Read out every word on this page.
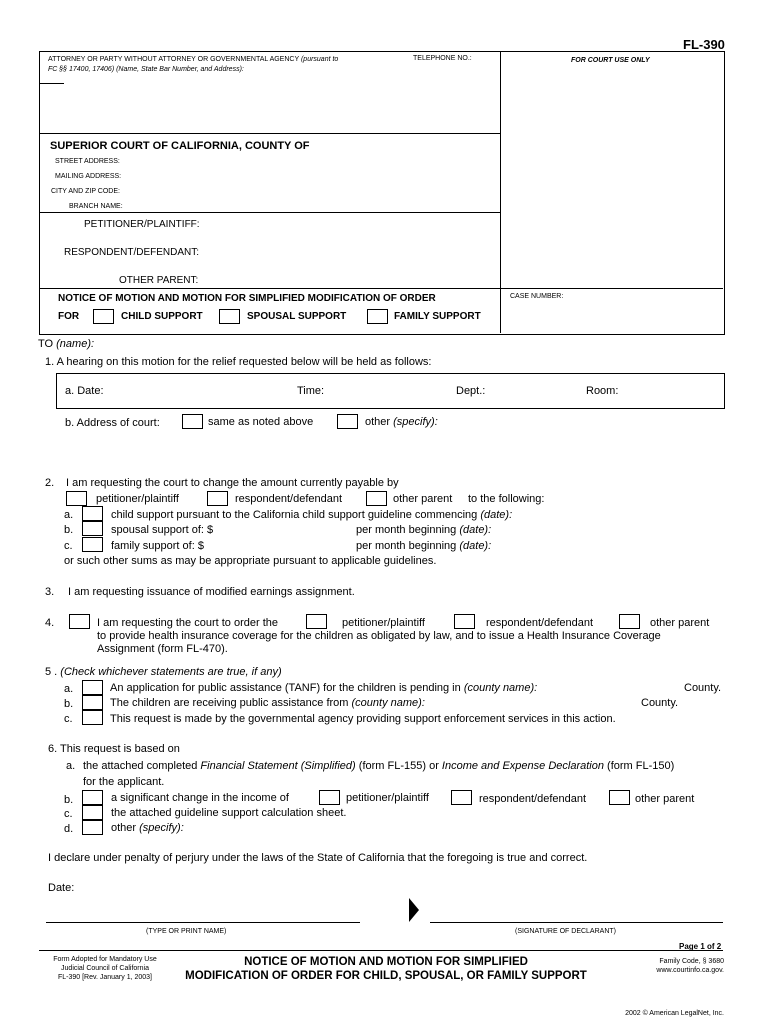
FL-390
ATTORNEY OR PARTY WITHOUT ATTORNEY OR GOVERNMENTAL AGENCY (pursuant to
FC §§ 17400, 17406) (Name, State Bar Number, and Address):
TELEPHONE NO.:	FOR COURT USE ONLY
SUPERIOR COURT OF CALIFORNIA, COUNTY OF
STREET ADDRESS:
MAILING ADDRESS:
CITY AND ZIP CODE:
BRANCH NAME:
PETITIONER/PLAINTIFF:
RESPONDENT/DEFENDANT:
OTHER PARENT:
NOTICE OF MOTION AND MOTION FOR SIMPLIFIED MODIFICATION OF ORDER
FOR	CHILD SUPPORT	SPOUSAL SUPPORT	FAMILY SUPPORT
CASE NUMBER:
TO (name):
1. A hearing on this motion for the relief requested below will be held as follows:
a. Date:	Time:	Dept.:	Room:
b. Address of court:	same as noted above	other (specify):
2. I am requesting the court to change the amount currently payable by
petitioner/plaintiff	respondent/defendant	other parent to the following:
a.	child support pursuant to the California child support guideline commencing (date):
b.	spousal support of: $	per month beginning (date):
c.	family support of: $	per month beginning (date):
or such other sums as may be appropriate pursuant to applicable guidelines.
3. I am requesting issuance of modified earnings assignment.
4.	I am requesting the court to order the	petitioner/plaintiff	respondent/defendant	other parent
to provide health insurance coverage for the children as obligated by law, and to issue a Health Insurance Coverage
Assignment (form FL-470).
5 . (Check whichever statements are true, if any)
a.	An application for public assistance (TANF) for the children is pending in (county name):	County.
b.	The children are receiving public assistance from (county name):	County.
c.	This request is made by the governmental agency providing support enforcement services in this action.
6. This request is based on
a. the attached completed Financial Statement (Simplified) (form FL-155) or Income and Expense Declaration (form FL-150)
for the applicant.
b.	a significant change in the income of	petitioner/plaintiff	respondent/defendant	other parent
c.	the attached guideline support calculation sheet.
d.	other (specify):
I declare under penalty of perjury under the laws of the State of California that the foregoing is true and correct.
Date:
(TYPE OR PRINT NAME)	(SIGNATURE OF DECLARANT)
Page 1 of 2
Form Adopted for Mandatory Use
Judicial Council of California
FL-390 [Rev. January 1, 2003]
NOTICE OF MOTION AND MOTION FOR SIMPLIFIED
MODIFICATION OF ORDER FOR CHILD, SPOUSAL, OR FAMILY SUPPORT
Family Code, § 3680
www.courtinfo.ca.gov.
2002 © American LegalNet, Inc.
